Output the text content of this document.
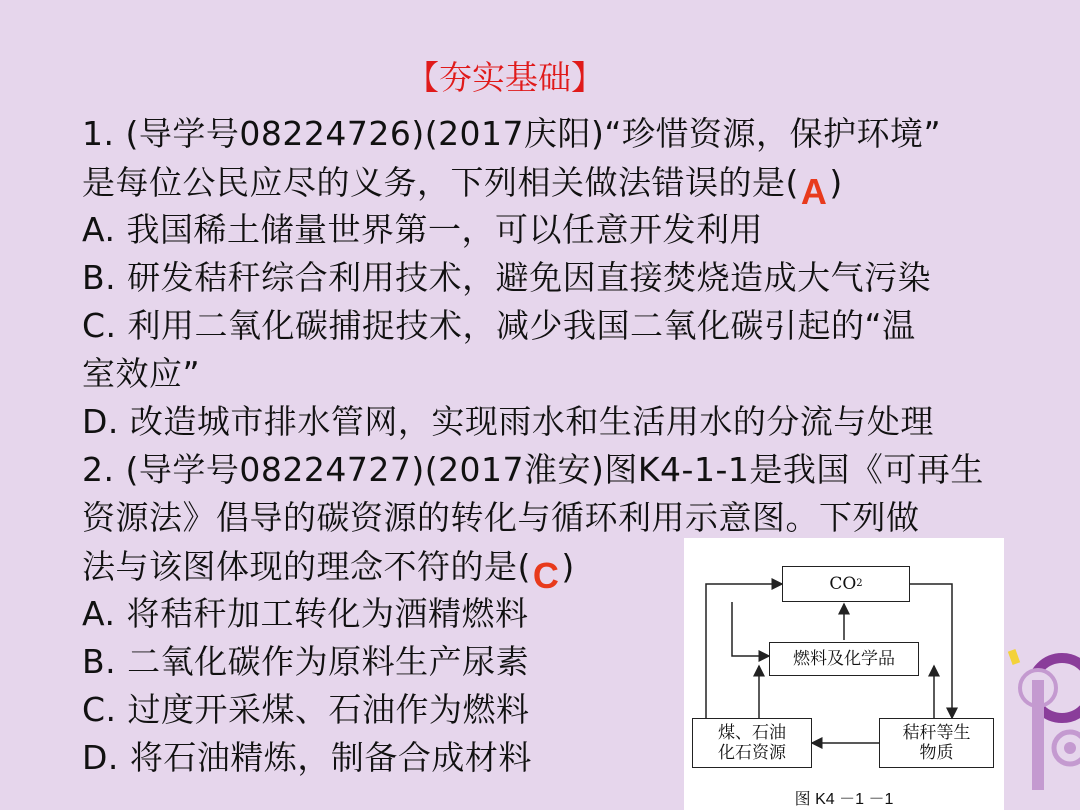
【夯实基础】
1. (导学号08224726)(2017庆阳)“珍惜资源，保护环境”
是每位公民应尽的义务，下列相关做法错误的是(A)
A. 我国稀土储量世界第一，可以任意开发利用
B. 研发秸秆综合利用技术，避免因直接焚烧造成大气污染
C. 利用二氧化碳捕捉技术，减少我国二氧化碳引起的“温
室效应”
D. 改造城市排水管网，实现雨水和生活用水的分流与处理
2. (导学号08224727)(2017淮安)图K4-1-1是我国《可再生
资源法》倡导的碳资源的转化与循环利用示意图。下列做
法与该图体现的理念不符的是(C)
A. 将秸秆加工转化为酒精燃料
B. 二氧化碳作为原料生产尿素
C. 过度开采煤、石油作为燃料
D. 将石油精炼，制备合成材料
CO 2
燃料及化学品
煤、石油
化石资源
秸秆等生
物质
图 K4 －1 －1
